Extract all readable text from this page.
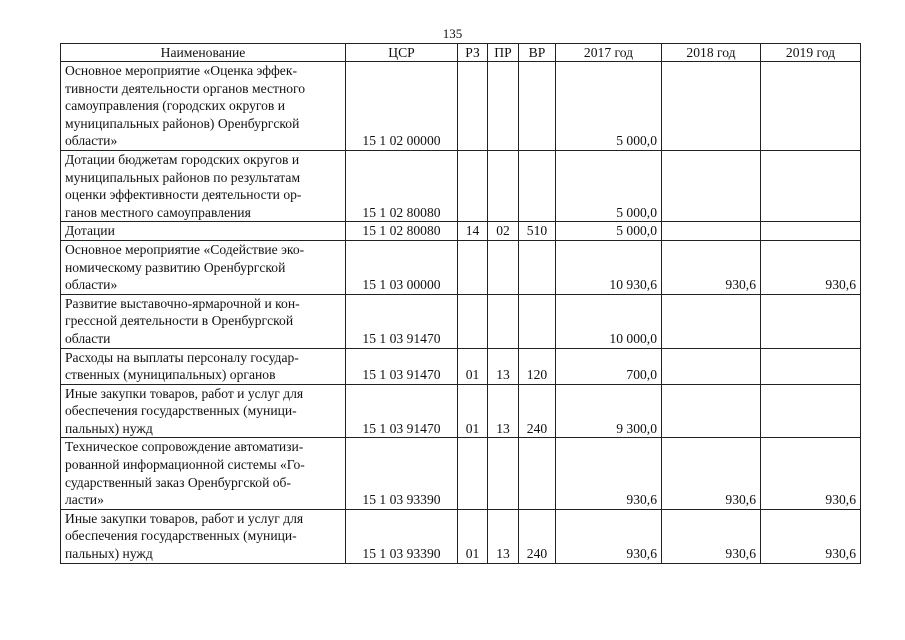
135
Наименование	ЦСР	РЗ	ПР	ВР	2017 год	2018 год	2019 год

Основное мероприятие «Оценка эффек-
тивности деятельности органов местного
самоуправления (городских округов и
муниципальных районов) Оренбургской
области»	15 1 02 00000				5 000,0		

Дотации бюджетам городских округов и
муниципальных районов по результатам
оценки эффективности деятельности ор-
ганов местного самоуправления	15 1 02 80080				5 000,0		

Дотации	15 1 02 80080	14	02	510	5 000,0		

Основное мероприятие «Содействие эко-
номическому развитию Оренбургской
области»	15 1 03 00000				10 930,6	930,6	930,6

Развитие выставочно-ярмарочной и кон-
грессной деятельности в Оренбургской
области	15 1 03 91470				10 000,0		

Расходы на выплаты персоналу государ-
ственных (муниципальных) органов	15 1 03 91470	01	13	120	700,0		

Иные закупки товаров, работ и услуг для
обеспечения государственных (муници-
пальных) нужд	15 1 03 91470	01	13	240	9 300,0		

Техническое сопровождение автоматизи-
рованной информационной системы «Го-
сударственный заказ Оренбургской об-
ласти»	15 1 03 93390				930,6	930,6	930,6

Иные закупки товаров, работ и услуг для
обеспечения государственных (муници-
пальных) нужд	15 1 03 93390	01	13	240	930,6	930,6	930,6
